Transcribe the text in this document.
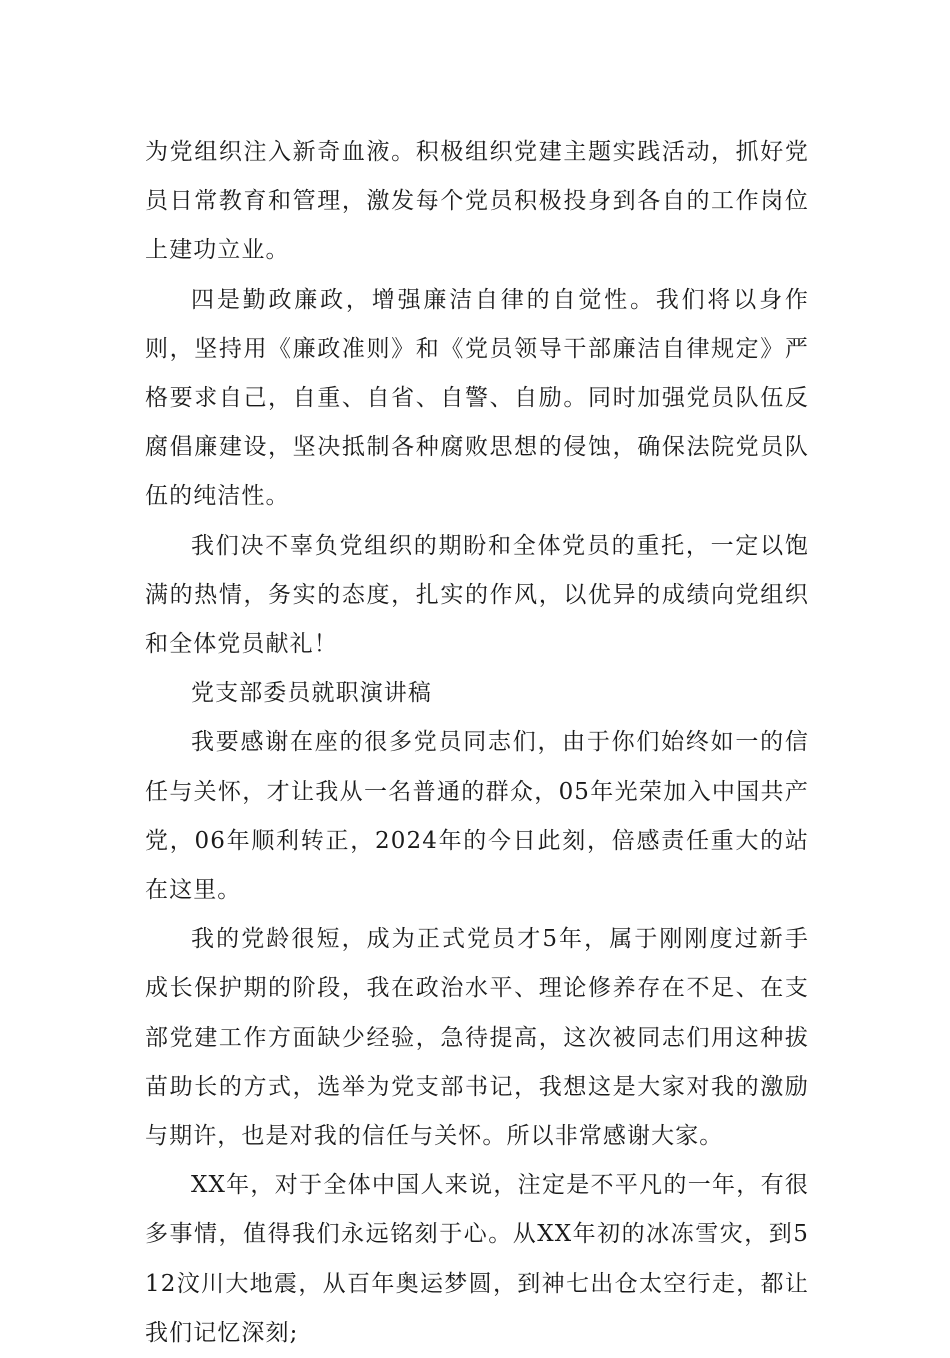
为党组织注入新奇血液。积极组织党建主题实践活动，抓好党员日常教育和管理，激发每个党员积极投身到各自的工作岗位上建功立业。

四是勤政廉政，增强廉洁自律的自觉性。我们将以身作则，坚持用《廉政准则》和《党员领导干部廉洁自律规定》严格要求自己，自重、自省、自警、自励。同时加强党员队伍反腐倡廉建设，坚决抵制各种腐败思想的侵蚀，确保法院党员队伍的纯洁性。

我们决不辜负党组织的期盼和全体党员的重托，一定以饱满的热情，务实的态度，扎实的作风，以优异的成绩向党组织和全体党员献礼！

党支部委员就职演讲稿

我要感谢在座的很多党员同志们，由于你们始终如一的信任与关怀，才让我从一名普通的群众，05年光荣加入中国共产党，06年顺利转正，2024年的今日此刻，倍感责任重大的站在这里。

我的党龄很短，成为正式党员才5年，属于刚刚度过新手成长保护期的阶段，我在政治水平、理论修养存在不足、在支部党建工作方面缺少经验，急待提高，这次被同志们用这种拔苗助长的方式，选举为党支部书记，我想这是大家对我的激励与期许，也是对我的信任与关怀。所以非常感谢大家。

XX年，对于全体中国人来说，注定是不平凡的一年，有很多事情，值得我们永远铭刻于心。从XX年初的冰冻雪灾，到512汶川大地震，从百年奥运梦圆，到神七出仓太空行走，都让我们记忆深刻;
